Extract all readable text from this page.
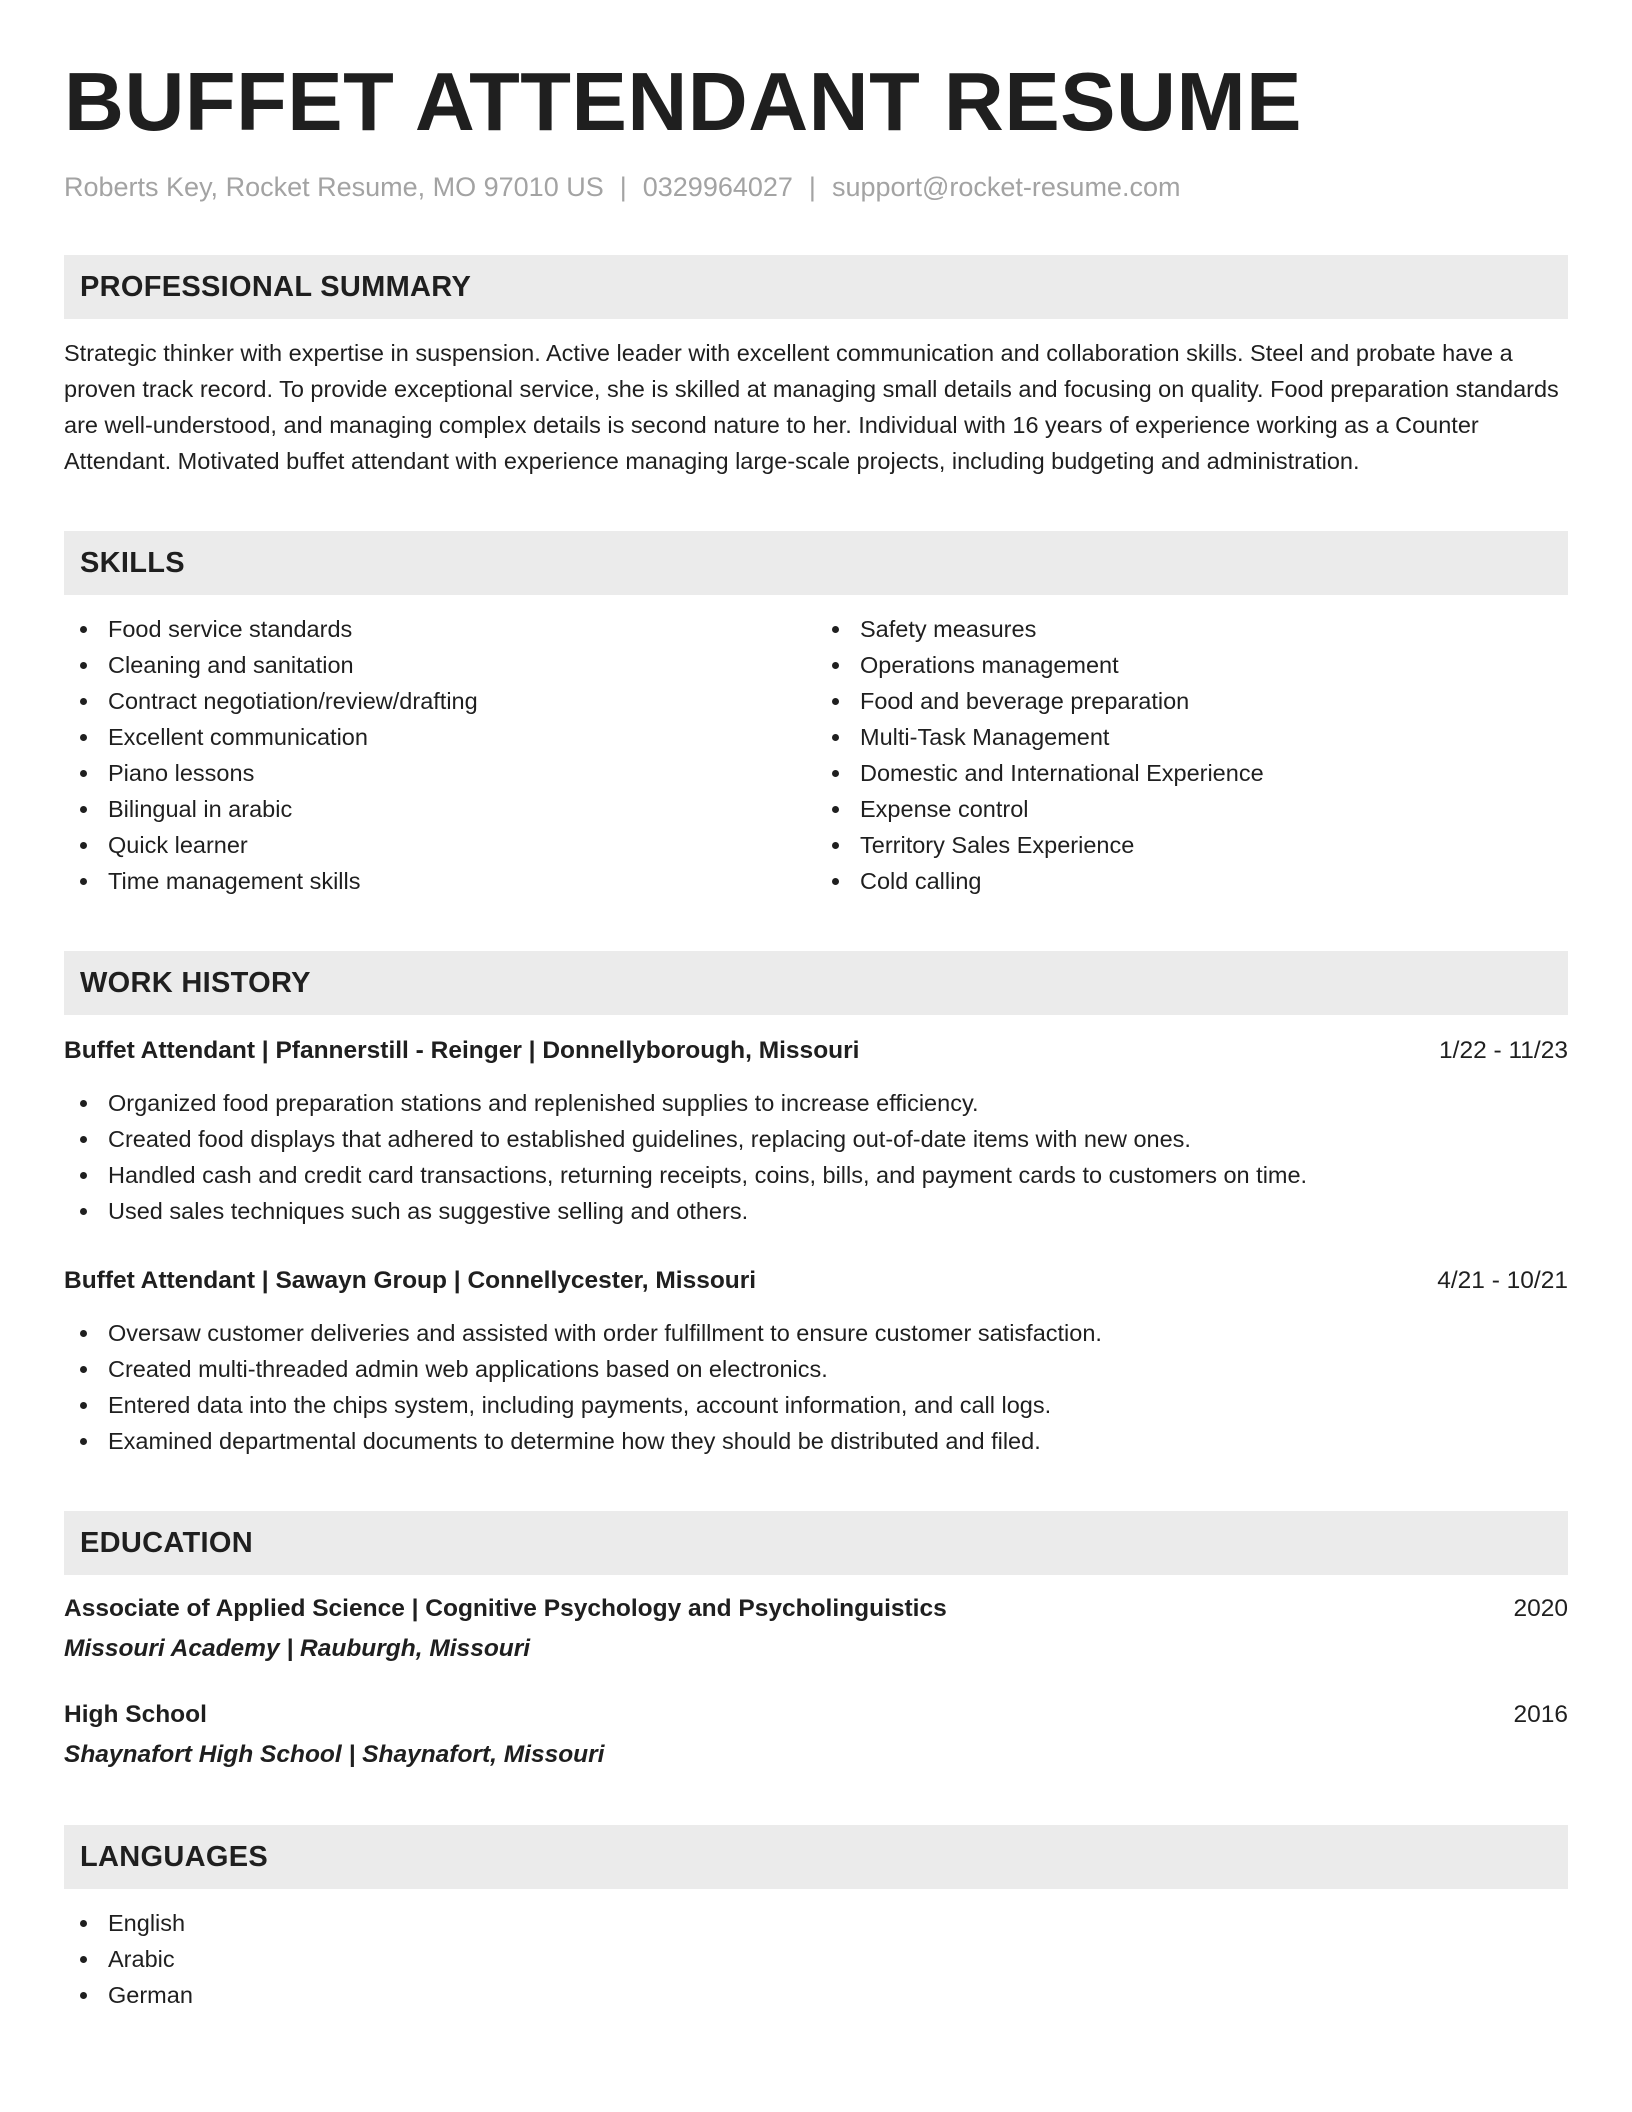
BUFFET ATTENDANT RESUME
Roberts Key, Rocket Resume, MO 97010 US | 0329964027 | support@rocket-resume.com
PROFESSIONAL SUMMARY

Strategic thinker with expertise in suspension. Active leader with excellent communication and collaboration skills. Steel and probate have a proven track record. To provide exceptional service, she is skilled at managing small details and focusing on quality. Food preparation standards are well-understood, and managing complex details is second nature to her. Individual with 16 years of experience working as a Counter Attendant. Motivated buffet attendant with experience managing large-scale projects, including budgeting and administration.

SKILLS
Food service standards
Cleaning and sanitation
Contract negotiation/review/drafting
Excellent communication
Piano lessons
Bilingual in arabic
Quick learner
Time management skills
Safety measures
Operations management
Food and beverage preparation
Multi-Task Management
Domestic and International Experience
Expense control
Territory Sales Experience
Cold calling
WORK HISTORY
Buffet Attendant | Pfannerstill - Reinger | Donnellyborough, Missouri	1/22 - 11/23
Organized food preparation stations and replenished supplies to increase efficiency.
Created food displays that adhered to established guidelines, replacing out-of-date items with new ones.
Handled cash and credit card transactions, returning receipts, coins, bills, and payment cards to customers on time.
Used sales techniques such as suggestive selling and others.
Buffet Attendant | Sawayn Group | Connellycester, Missouri	4/21 - 10/21
Oversaw customer deliveries and assisted with order fulfillment to ensure customer satisfaction.
Created multi-threaded admin web applications based on electronics.
Entered data into the chips system, including payments, account information, and call logs.
Examined departmental documents to determine how they should be distributed and filed.
EDUCATION
Associate of Applied Science | Cognitive Psychology and Psycholinguistics	2020
Missouri Academy | Rauburgh, Missouri
High School	2016
Shaynafort High School | Shaynafort, Missouri
LANGUAGES
English
Arabic
German
